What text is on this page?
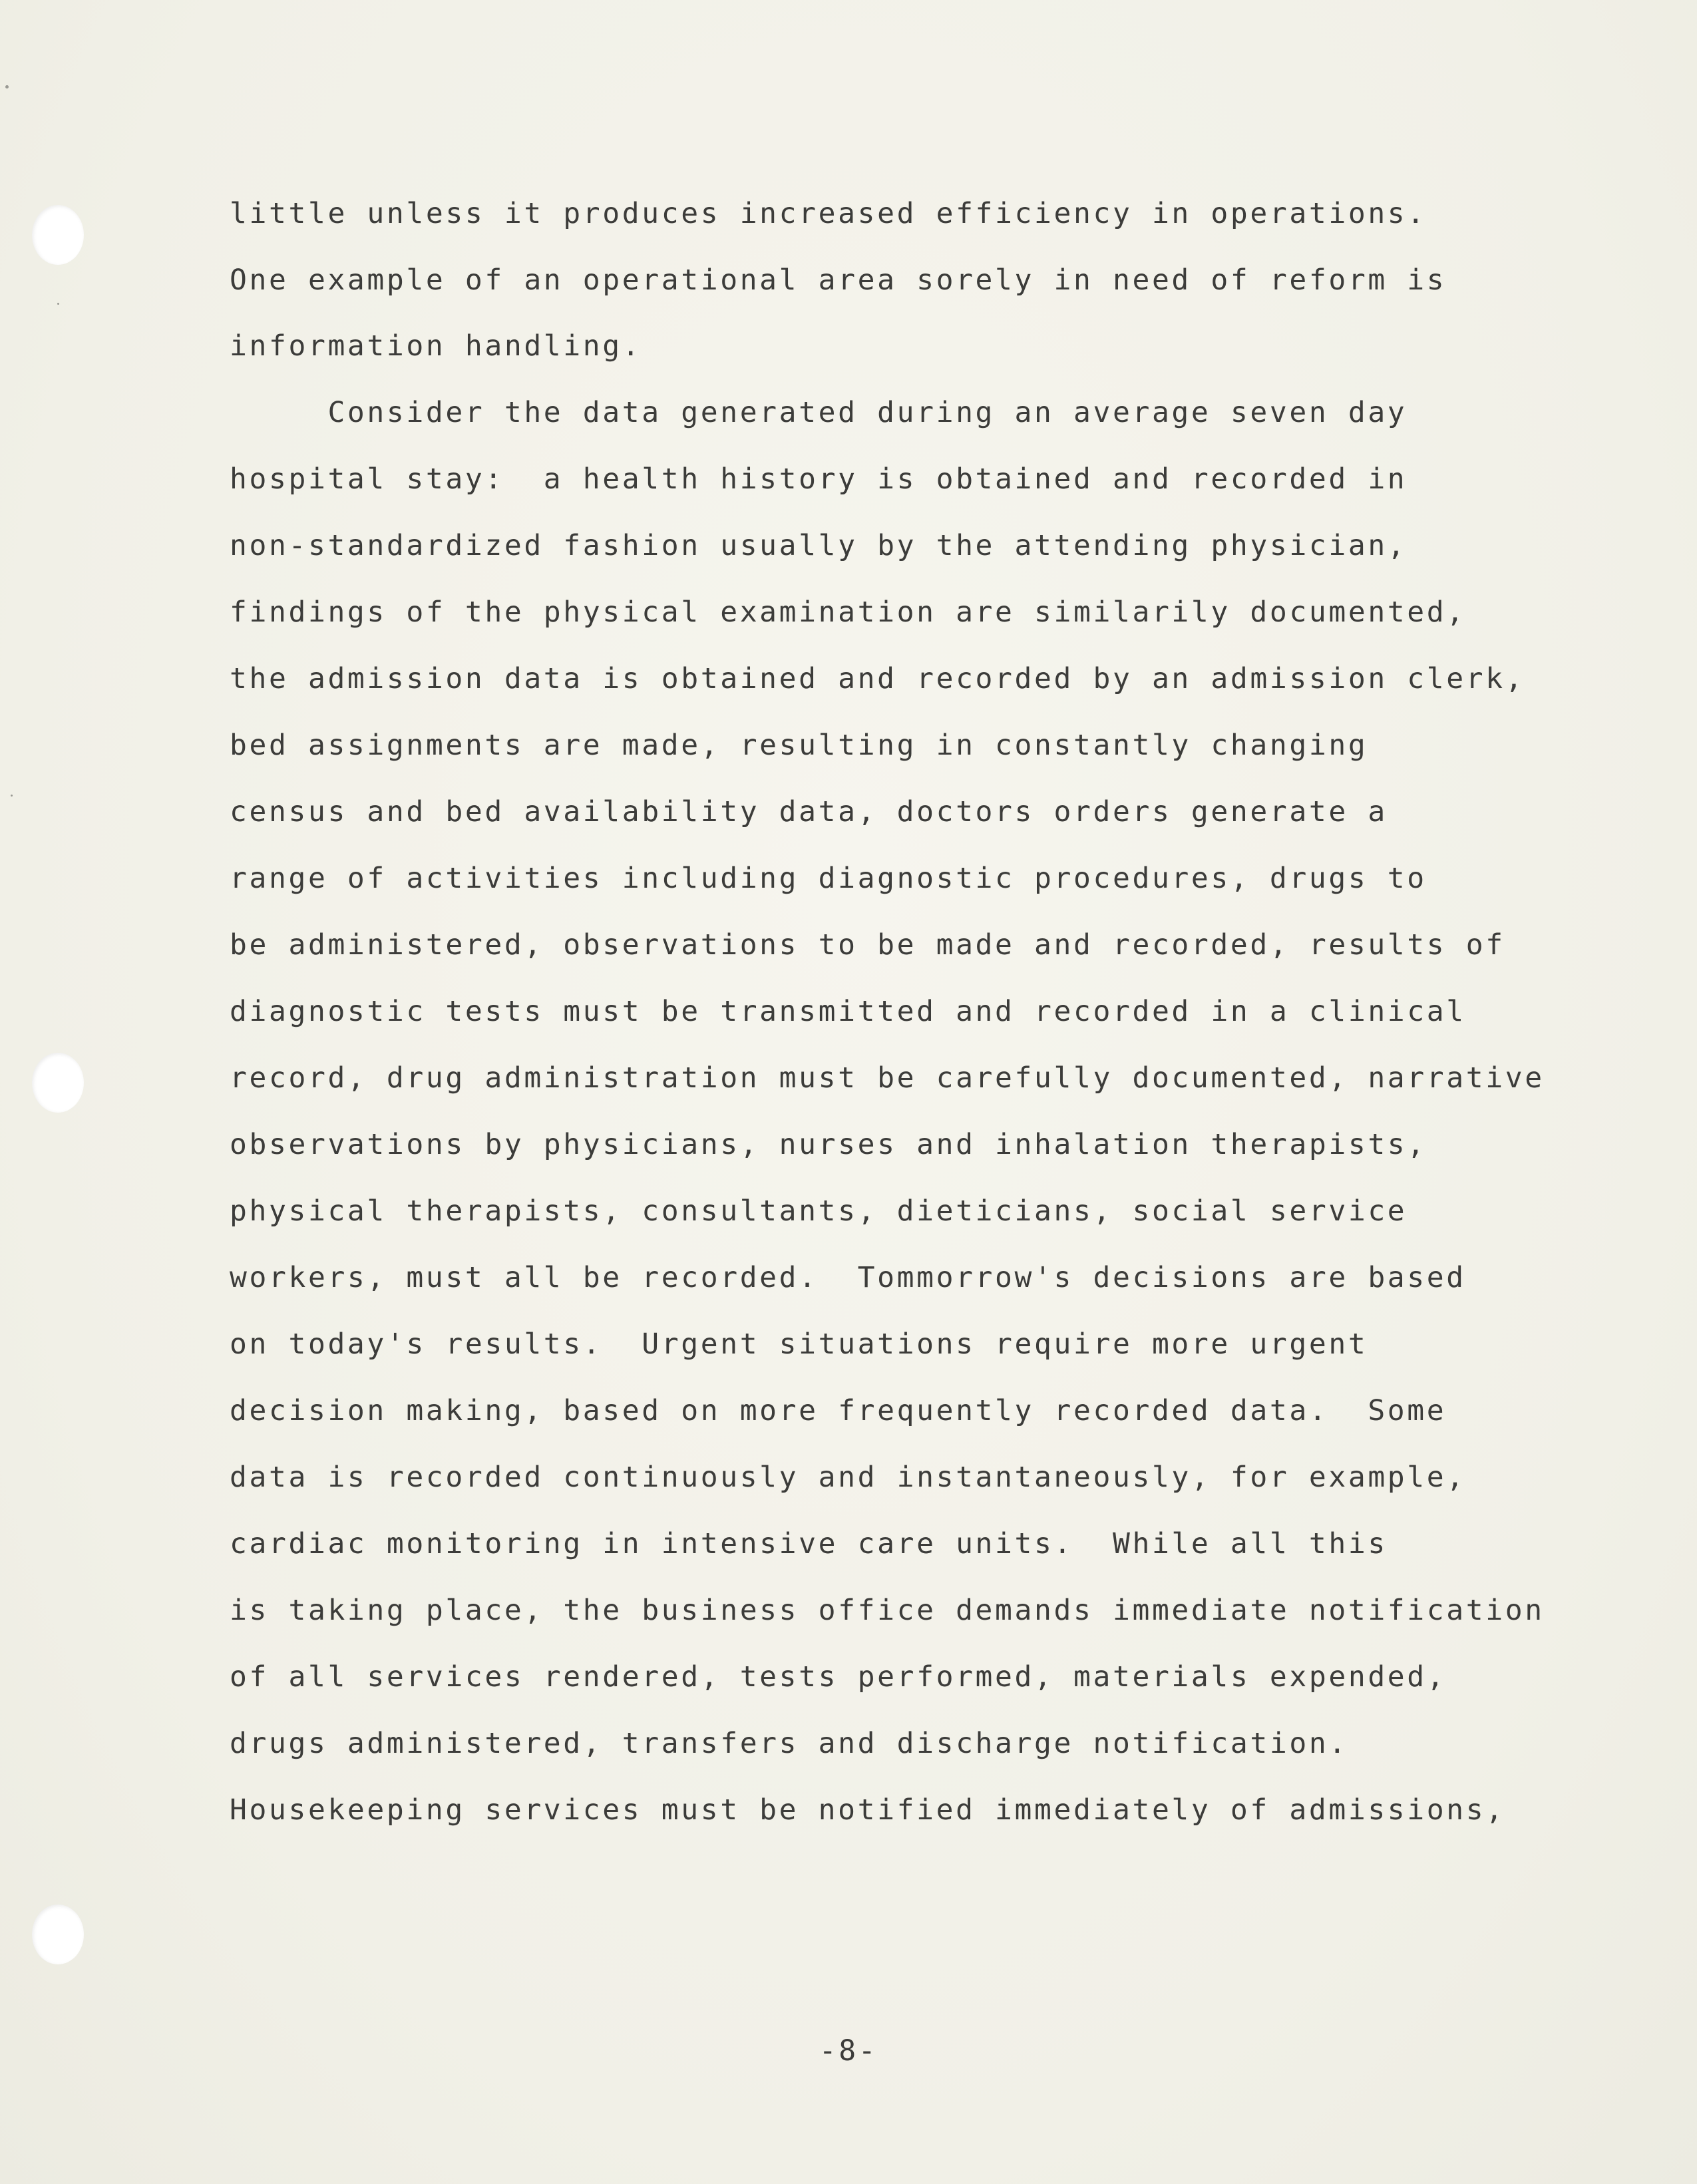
little unless it produces increased efficiency in operations.
One example of an operational area sorely in need of reform is
information handling.
Consider the data generated during an average seven day
hospital stay:  a health history is obtained and recorded in
non-standardized fashion usually by the attending physician,
findings of the physical examination are similarily documented,
the admission data is obtained and recorded by an admission clerk,
bed assignments are made, resulting in constantly changing
census and bed availability data, doctors orders generate a
range of activities including diagnostic procedures, drugs to
be administered, observations to be made and recorded, results of
diagnostic tests must be transmitted and recorded in a clinical
record, drug administration must be carefully documented, narrative
observations by physicians, nurses and inhalation therapists,
physical therapists, consultants, dieticians, social service
workers, must all be recorded.  Tommorrow's decisions are based
on today's results.  Urgent situations require more urgent
decision making, based on more frequently recorded data.  Some
data is recorded continuously and instantaneously, for example,
cardiac monitoring in intensive care units.  While all this
is taking place, the business office demands immediate notification
of all services rendered, tests performed, materials expended,
drugs administered, transfers and discharge notification.
Housekeeping services must be notified immediately of admissions,
-8-
